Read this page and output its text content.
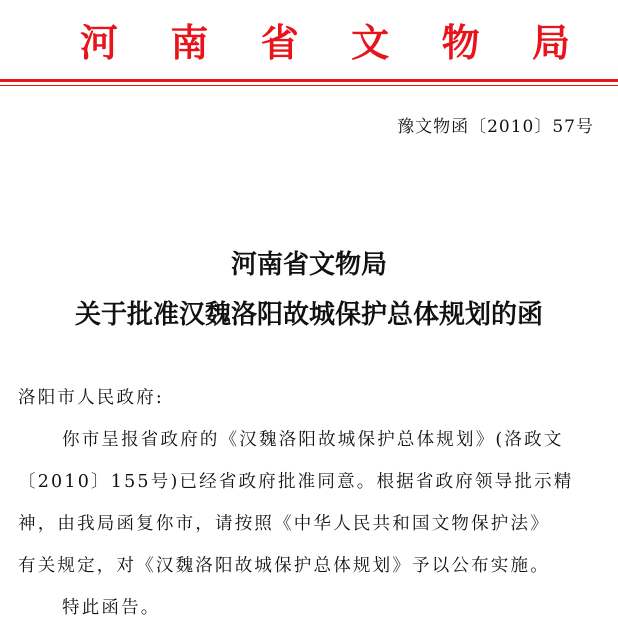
河 南 省 文 物 局
豫文物函〔2010〕57号
河南省文物局
关于批准汉魏洛阳故城保护总体规划的函
洛阳市人民政府:
你市呈报省政府的《汉魏洛阳故城保护总体规划》(洛政文
〔2010〕155号)已经省政府批准同意。根据省政府领导批示精
神，由我局函复你市，请按照《中华人民共和国文物保护法》
有关规定，对《汉魏洛阳故城保护总体规划》予以公布实施。
特此函告。
